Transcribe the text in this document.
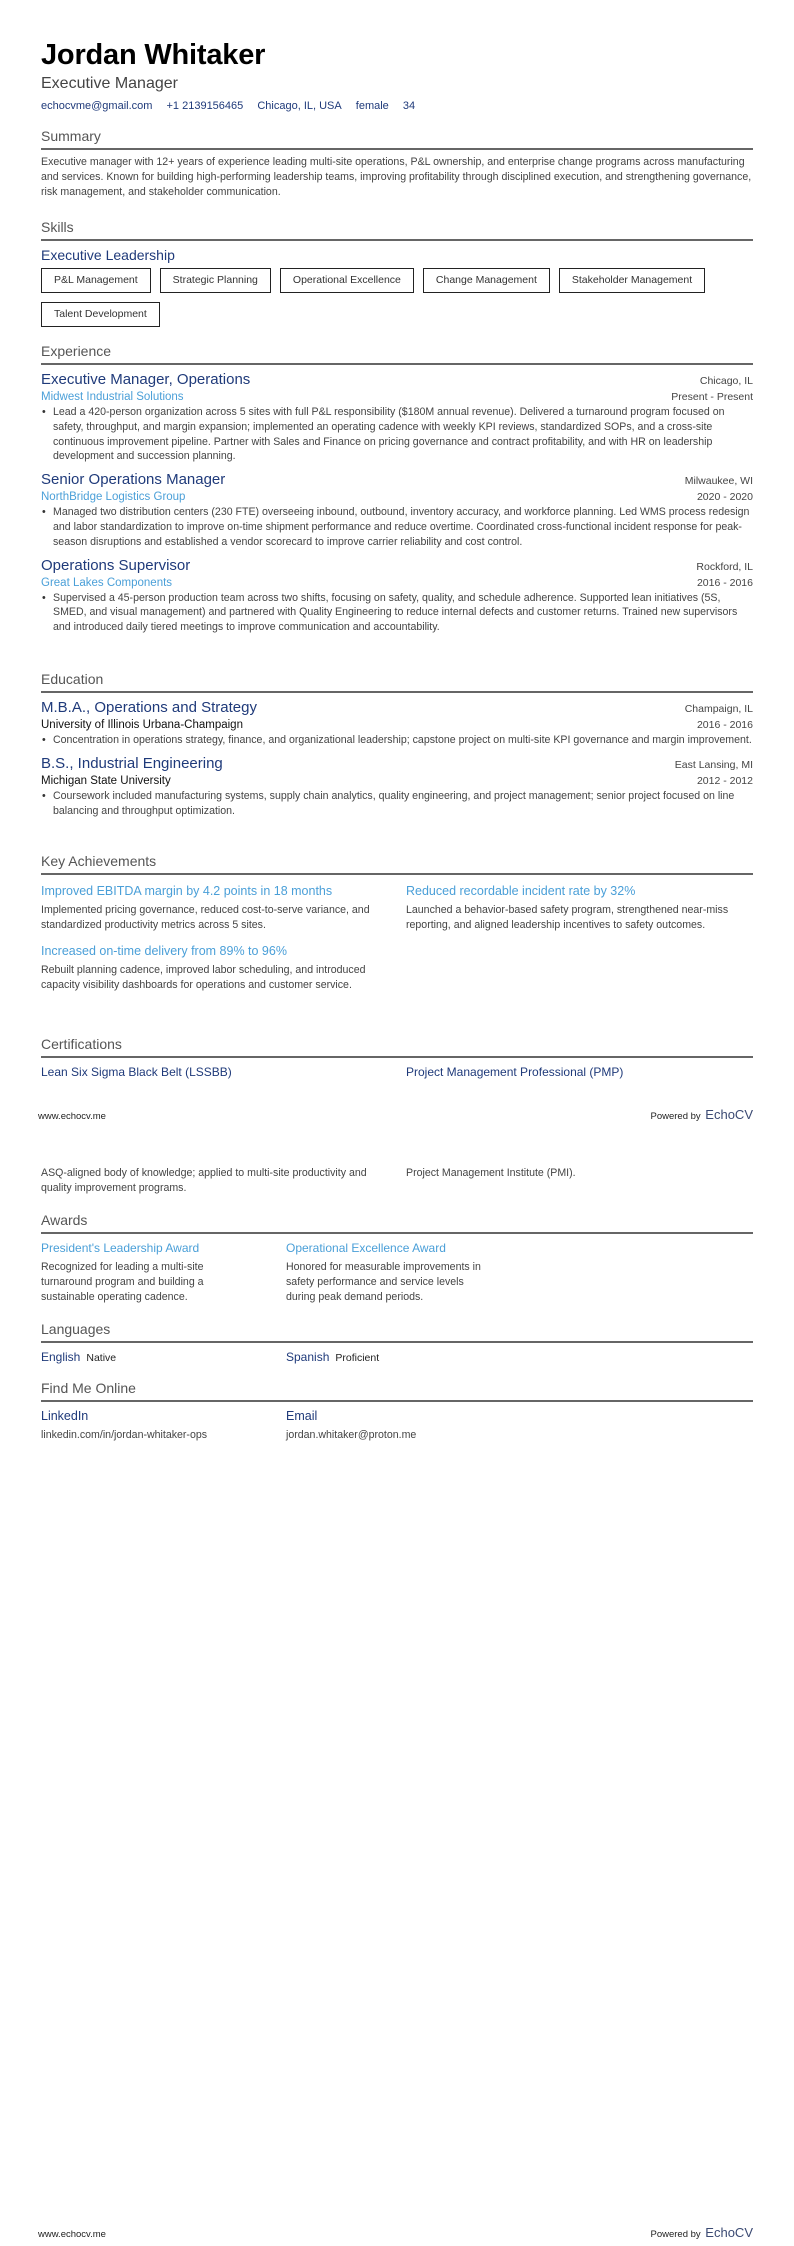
Jordan Whitaker
Executive Manager
echocvme@gmail.com +1 2139156465 Chicago, IL, USA female 34
Summary
Executive manager with 12+ years of experience leading multi-site operations, P&L ownership, and enterprise change programs across manufacturing and services. Known for building high-performing leadership teams, improving profitability through disciplined execution, and strengthening governance, risk management, and stakeholder communication.
Skills
Executive Leadership
P&L Management	Strategic Planning	Operational Excellence	Change Management	Stakeholder Management
Talent Development
Experience
Executive Manager, Operations	Chicago, IL
Midwest Industrial Solutions	Present - Present
• Lead a 420-person organization across 5 sites with full P&L responsibility ($180M annual revenue). Delivered a turnaround program focused on safety, throughput, and margin expansion; implemented an operating cadence with weekly KPI reviews, standardized SOPs, and a cross-site continuous improvement pipeline. Partner with Sales and Finance on pricing governance and contract profitability, and with HR on leadership development and succession planning.
Senior Operations Manager	Milwaukee, WI
NorthBridge Logistics Group	2020 - 2020
• Managed two distribution centers (230 FTE) overseeing inbound, outbound, inventory accuracy, and workforce planning. Led WMS process redesign and labor standardization to improve on-time shipment performance and reduce overtime. Coordinated cross-functional incident response for peak-season disruptions and established a vendor scorecard to improve carrier reliability and cost control.
Operations Supervisor	Rockford, IL
Great Lakes Components	2016 - 2016
• Supervised a 45-person production team across two shifts, focusing on safety, quality, and schedule adherence. Supported lean initiatives (5S, SMED, and visual management) and partnered with Quality Engineering to reduce internal defects and customer returns. Trained new supervisors and introduced daily tiered meetings to improve communication and accountability.
Education
M.B.A., Operations and Strategy	Champaign, IL
University of Illinois Urbana-Champaign	2016 - 2016
• Concentration in operations strategy, finance, and organizational leadership; capstone project on multi-site KPI governance and margin improvement.
B.S., Industrial Engineering	East Lansing, MI
Michigan State University	2012 - 2012
• Coursework included manufacturing systems, supply chain analytics, quality engineering, and project management; senior project focused on line balancing and throughput optimization.
Key Achievements
Improved EBITDA margin by 4.2 points in 18 months
Implemented pricing governance, reduced cost-to-serve variance, and standardized productivity metrics across 5 sites.
Reduced recordable incident rate by 32%
Launched a behavior-based safety program, strengthened near-miss reporting, and aligned leadership incentives to safety outcomes.
Increased on-time delivery from 89% to 96%
Rebuilt planning cadence, improved labor scheduling, and introduced capacity visibility dashboards for operations and customer service.
Certifications
Lean Six Sigma Black Belt (LSSBB)	Project Management Professional (PMP)
www.echocv.me	Powered by EchoCV
ASQ-aligned body of knowledge; applied to multi-site productivity and quality improvement programs.
Project Management Institute (PMI).
Awards
President's Leadership Award
Recognized for leading a multi-site turnaround program and building a sustainable operating cadence.
Operational Excellence Award
Honored for measurable improvements in safety performance and service levels during peak demand periods.
Languages
English Native	Spanish Proficient
Find Me Online
LinkedIn
linkedin.com/in/jordan-whitaker-ops
Email
jordan.whitaker@proton.me
www.echocv.me	Powered by EchoCV
